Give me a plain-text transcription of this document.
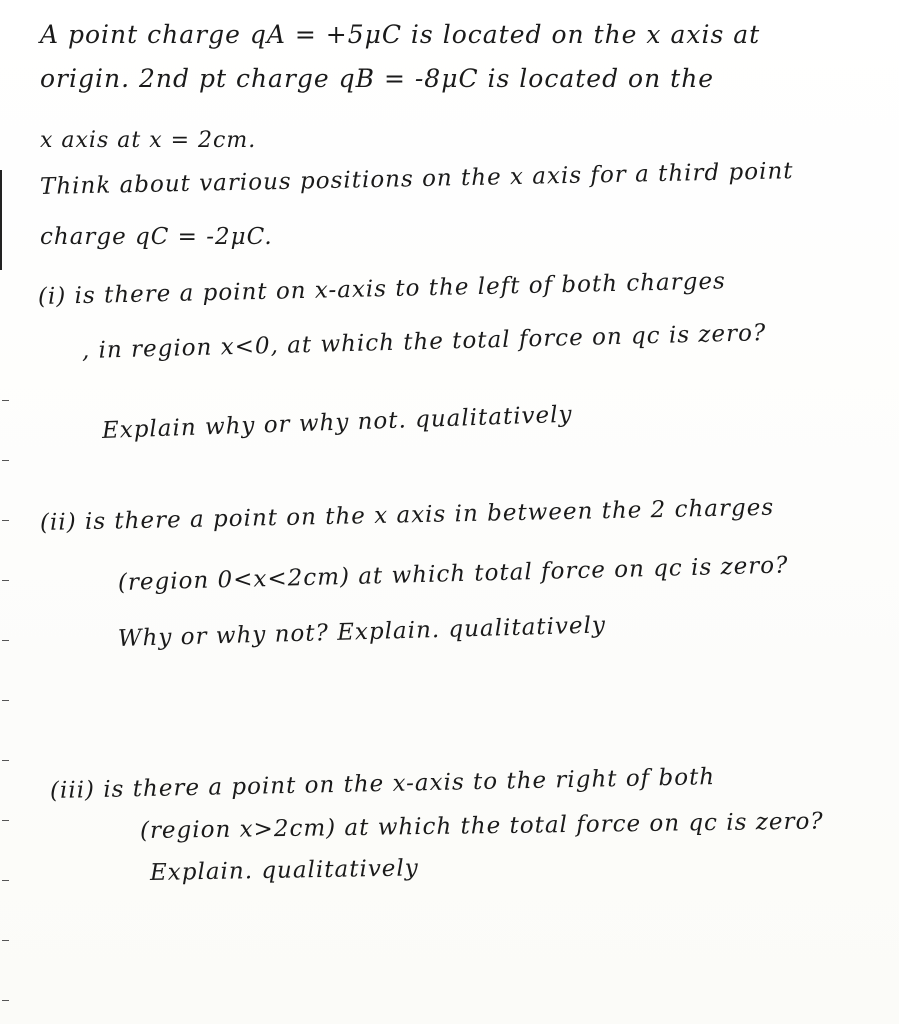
A point charge qA = +5μC is located on the x axis at
origin. 2nd pt charge qB = -8μC is located on the
x axis at x = 2cm.
Think about various positions on the x axis for a third point
charge qC = -2μC.
(i) is there a point on x-axis to the left of both charges
, in region x<0, at which the total force on qc is zero?
Explain why or why not. qualitatively
(ii) is there a point on the x axis in between the 2 charges
(region 0<x<2cm) at which total force on qc is zero?
Why or why not? Explain. qualitatively
(iii) is there a point on the x-axis to the right of both
(region x>2cm) at which the total force on qc is zero?
Explain. qualitatively
